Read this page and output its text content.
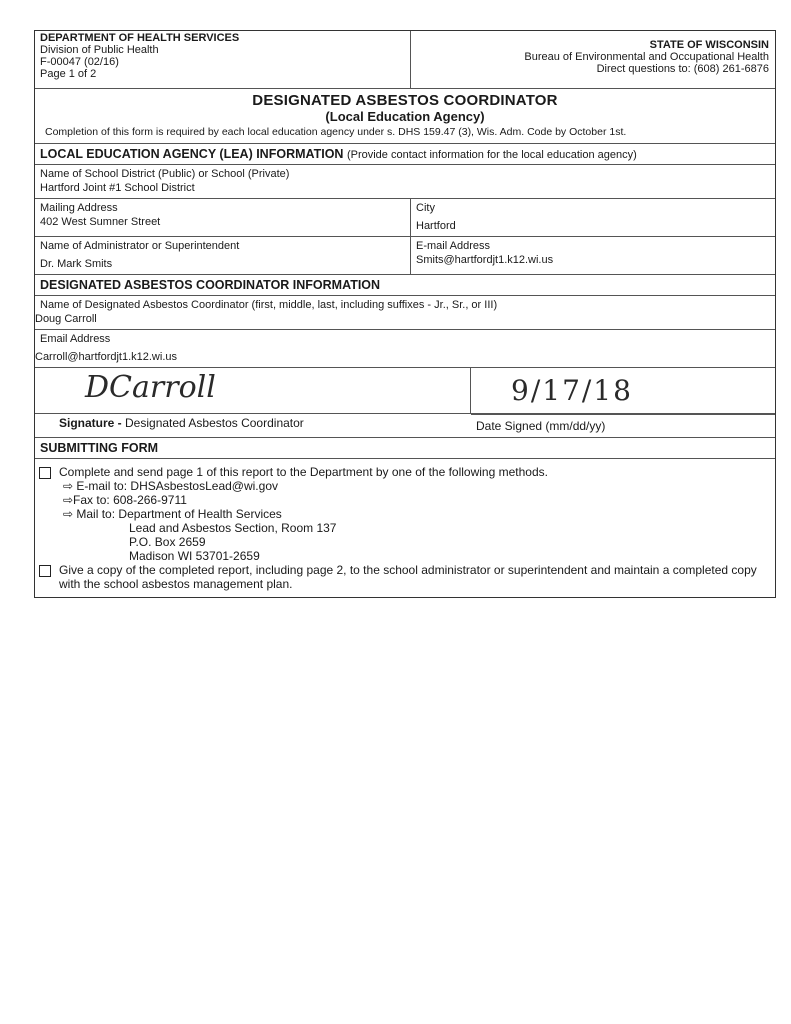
DEPARTMENT OF HEALTH SERVICES
Division of Public Health
F-00047 (02/16)
Page 1 of 2
STATE OF WISCONSIN
Bureau of Environmental and Occupational Health
Direct questions to: (608) 261-6876
DESIGNATED ASBESTOS COORDINATOR
(Local Education Agency)
Completion of this form is required by each local education agency under s. DHS 159.47 (3), Wis. Adm. Code by October 1st.
LOCAL EDUCATION AGENCY (LEA) INFORMATION (Provide contact information for the local education agency)
Name of School District (Public) or School (Private)
Hartford Joint #1 School District
Mailing Address
402 West Sumner Street
City
Hartford
Name of Administrator or Superintendent
Dr. Mark Smits
E-mail Address
Smits@hartfordjt1.k12.wi.us
DESIGNATED ASBESTOS COORDINATOR INFORMATION
Name of Designated Asbestos Coordinator (first, middle, last, including suffixes - Jr., Sr., or III)
Doug Carroll
Email Address
Carroll@hartfordjt1.k12.wi.us
DCarroll	9/17/18
Signature - Designated Asbestos Coordinator	Date Signed (mm/dd/yy)
SUBMITTING FORM
Complete and send page 1 of this report to the Department by one of the following methods.
⇨ E-mail to: DHSAsbestosLead@wi.gov
⇨Fax to: 608-266-9711
⇨ Mail to: Department of Health Services
Lead and Asbestos Section, Room 137
P.O. Box 2659
Madison WI 53701-2659
Give a copy of the completed report, including page 2, to the school administrator or superintendent and maintain a completed copy with the school asbestos management plan.
